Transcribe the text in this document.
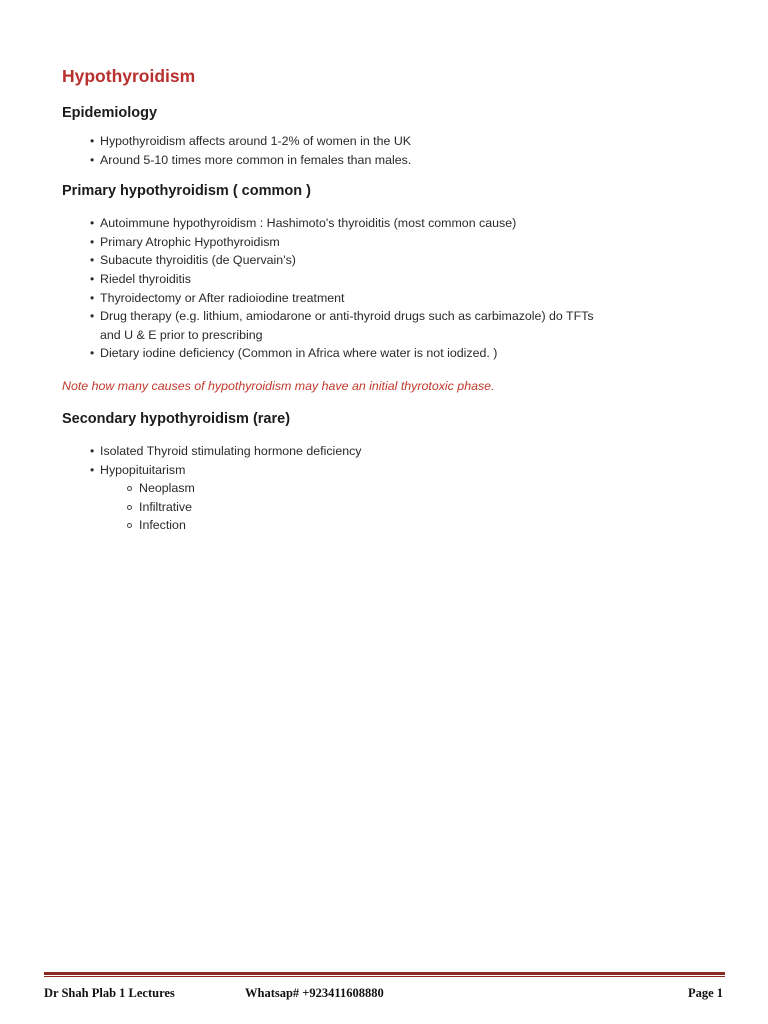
Hypothyroidism
Epidemiology
• Hypothyroidism affects around 1-2% of women in the UK
• Around 5-10 times more common in females than males.
Primary hypothyroidism ( common )
• Autoimmune hypothyroidism : Hashimoto's thyroiditis (most common cause)
• Primary Atrophic Hypothyroidism
• Subacute thyroiditis (de Quervain's)
• Riedel thyroiditis
• Thyroidectomy or After radioiodine treatment
• Drug therapy (e.g. lithium, amiodarone or anti-thyroid drugs such as carbimazole) do TFTs
and U & E prior to prescribing
• Dietary iodine deficiency (Common in Africa where water is not iodized. )

Note how many causes of hypothyroidism may have an initial thyrotoxic phase.

Secondary hypothyroidism (rare)
• Isolated Thyroid stimulating hormone deficiency
• Hypopituitarism
Neoplasm
Infiltrative
Infection
Dr Shah Plab 1 Lectures	Whatsap# +923411608880	Page 1
